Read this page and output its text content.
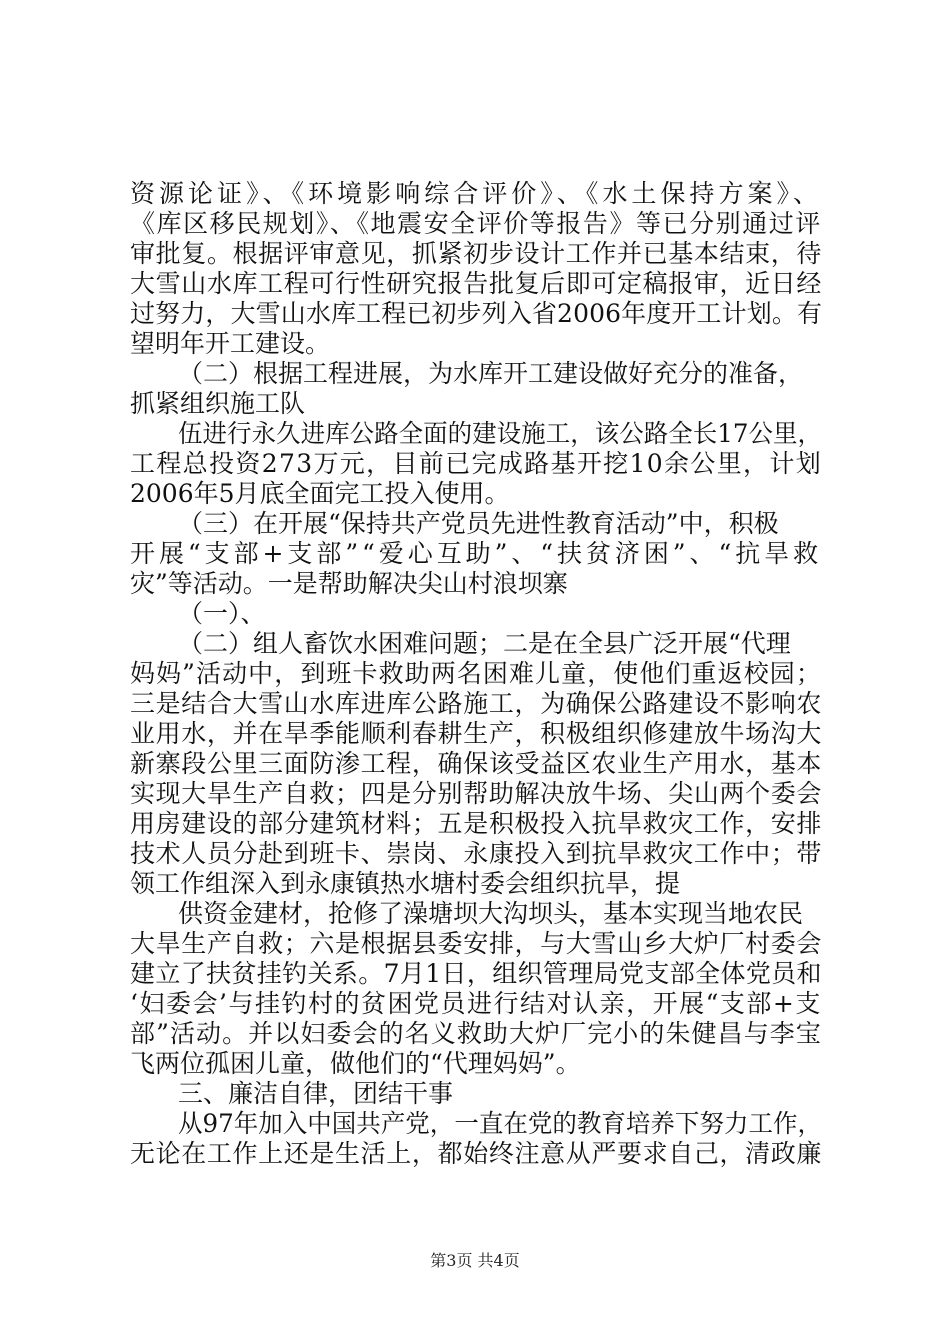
资源论证》、《环境影响综合评价》、《水土保持方案》、
《库区移民规划》、《地震安全评价等报告》等已分别通过评
审批复。根据评审意见，抓紧初步设计工作并已基本结束，待
大雪山水库工程可行性研究报告批复后即可定稿报审，近日经
过努力，大雪山水库工程已初步列入省2006年度开工计划。有
望明年开工建设。
（二）根据工程进展，为水库开工建设做好充分的准备，
抓紧组织施工队
伍进行永久进库公路全面的建设施工，该公路全长17公里，
工程总投资273万元，目前已完成路基开挖10余公里，计划
2006年5月底全面完工投入使用。
（三）在开展“保持共产党员先进性教育活动”中，积极
开展“支部+支部”“爱心互助”、“扶贫济困”、“抗旱救
灾”等活动。一是帮助解决尖山村浪坝寨
（一）、
（二）组人畜饮水困难问题；二是在全县广泛开展“代理
妈妈”活动中，到班卡救助两名困难儿童，使他们重返校园；
三是结合大雪山水库进库公路施工，为确保公路建设不影响农
业用水，并在旱季能顺利春耕生产，积极组织修建放牛场沟大
新寨段公里三面防渗工程，确保该受益区农业生产用水，基本
实现大旱生产自救；四是分别帮助解决放牛场、尖山两个委会
用房建设的部分建筑材料；五是积极投入抗旱救灾工作，安排
技术人员分赴到班卡、崇岗、永康投入到抗旱救灾工作中；带
领工作组深入到永康镇热水塘村委会组织抗旱，提
供资金建材，抢修了澡塘坝大沟坝头，基本实现当地农民
大旱生产自救；六是根据县委安排，与大雪山乡大炉厂村委会
建立了扶贫挂钓关系。7月1日，组织管理局党支部全体党员和
‘妇委会’与挂钓村的贫困党员进行结对认亲，开展“支部+支
部”活动。并以妇委会的名义救助大炉厂完小的朱健昌与李宝
飞两位孤困儿童，做他们的“代理妈妈”。
三、廉洁自律，团结干事
从97年加入中国共产党，一直在党的教育培养下努力工作，
无论在工作上还是生活上，都始终注意从严要求自己，清政廉
第3页 共4页
